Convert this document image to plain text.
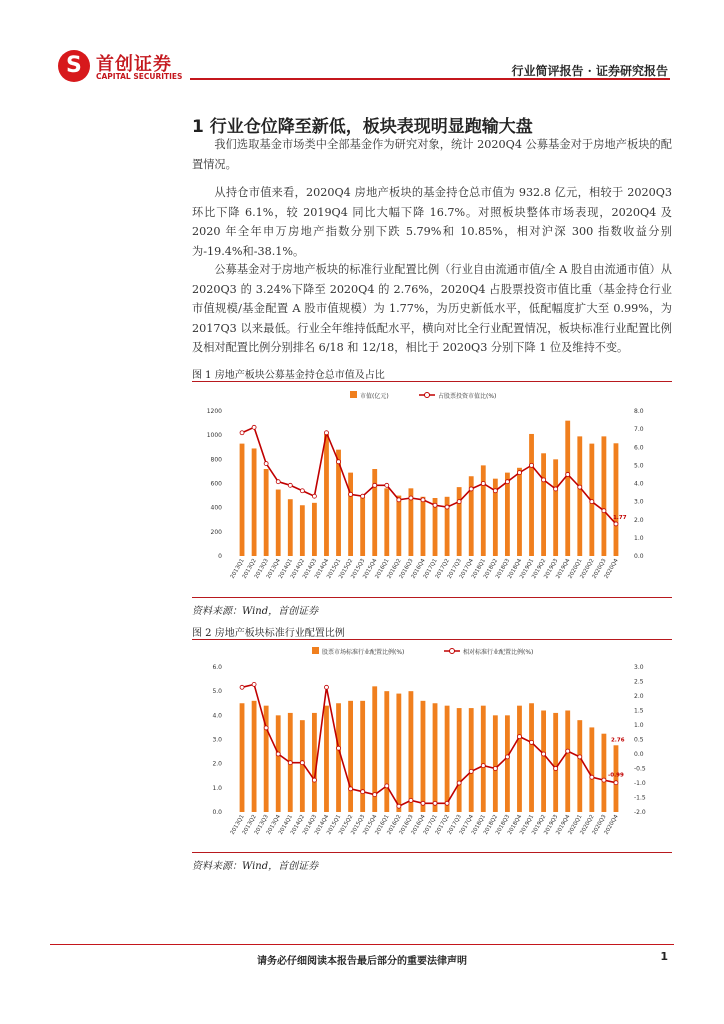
S 首创证券
CAPITAL SECURITIES	行业简评报告 · 证券研究报告
1 行业仓位降至新低，板块表现明显跑输大盘

我们选取基金市场类中全部基金作为研究对象，统计 2020Q4 公募基金对于房地产板块的配置情况。

从持仓市值来看，2020Q4 房地产板块的基金持仓总市值为 932.8 亿元，相较于 2020Q3 环比下降 6.1%，较 2019Q4 同比大幅下降 16.7%。对照板块整体市场表现，2020Q4 及 2020 年全年申万房地产指数分别下跌 5.79%和 10.85%，相对沪深 300 指数收益分别为-19.4%和-38.1%。

公募基金对于房地产板块的标准行业配置比例（行业自由流通市值/全 A 股自由流通市值）从 2020Q3 的 3.24%下降至 2020Q4 的 2.76%，2020Q4 占股票投资市值比重（基金持仓行业市值规模/基金配置 A 股市值规模）为 1.77%，为历史新低水平，低配幅度扩大至 0.99%，为 2017Q3 以来最低。行业全年维持低配水平，横向对比全行业配置情况，板块标准行业配置比例及相对配置比例分别排名 6/18 和 12/18，相比于 2020Q3 分别下降 1 位及维持不变。

图 1 房地产板块公募基金持仓总市值及占比
市值(亿元)	占股票投资市值比(%)
0
200
400
600
800
1000
1200
0.0
1.0
2.0
3.0
4.0
5.0
6.0
7.0
8.0
2013Q1
2013Q2
2013Q3
2013Q4
2014Q1
2014Q2
2014Q3
2014Q4
2015Q1
2015Q2
2015Q3
2015Q4
2016Q1
2016Q2
2016Q3
2016Q4
2017Q1
2017Q2
2017Q3
2017Q4
2018Q1
2018Q2
2018Q3
2018Q4
2019Q1
2019Q2
2019Q3
2019Q4
2020Q1
2020Q2
2020Q3
2020Q4
1.77
资料来源：Wind，首创证券
图 2 房地产板块标准行业配置比例
股票市场标准行业配置比例(%)	相对标准行业配置比例(%)
0.0
1.0
2.0
3.0
4.0
5.0
6.0
-2.0
-1.5
-1.0
-0.5
0.0
0.5
1.0
1.5
2.0
2.5
3.0
2013Q1
2013Q2
2013Q3
2013Q4
2014Q1
2014Q2
2014Q3
2014Q4
2015Q1
2015Q2
2015Q3
2015Q4
2016Q1
2016Q2
2016Q3
2016Q4
2017Q1
2017Q2
2017Q3
2017Q4
2018Q1
2018Q2
2018Q3
2018Q4
2019Q1
2019Q2
2019Q3
2019Q4
2020Q1
2020Q2
2020Q3
2020Q4
2.76
-0.99
资料来源：Wind，首创证券
请务必仔细阅读本报告最后部分的重要法律声明	1
